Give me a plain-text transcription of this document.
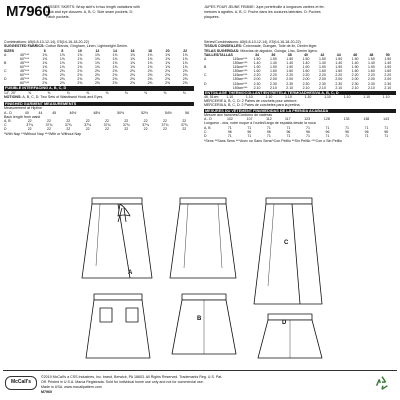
M7960
MISSES' SKIRTS: Wrap skirt's in two length variations with
hook and eye closures. A, B, C: Side seam pockets. D:
Patch pockets.
JUPES POUR JEUNE FEMME: Jupe portefeuille à longueurs variées et fer-
metures à agrafes. A, B, C: Poche dans les coutures latérales. D: Poches
plaquées.
Combinations: A5(6-8-10-12-14), E5(14-16-18-20-22)
SUGGESTED FABRICS: Cotton Blends, Gingham, Linen, Lightweight Denim.
SIZES		6	8	10	12	14	16	18	20	22
A	45"***	1⅝	1⅝	1⅝	1⅝	1⅝	1⅝	1⅝	1⅝	1⅝
	60"***	1⅝	1⅝	1⅝	1⅝	1⅝	1⅝	1⅝	1⅝	1⅝
B	45"***	1⅝	1⅝	1⅝	1⅝	1⅝	1⅝	1⅝	1⅝	1⅝
	60"***	1⅝	1⅝	1⅝	1⅝	1⅝	1⅝	1⅝	1⅝	1⅝
C	45"***	2⅜	2⅜	2⅜	2⅜	2⅜	2⅜	2⅜	2⅜	2⅜
	60"***	2⅜	2⅜	2⅜	2⅜	2⅜	2⅜	2⅜	2⅜	2⅜
D	45"***	2⅝	2⅝	2⅝	2⅝	2⅝	2⅝	2⅝	2⅝	2⅝
	60"***	2⅝	2⅝	2⅝	2⅝	2⅝	2⅝	2⅝	2⅝	2⅝
FUSIBLE INTERFACING A, B, C, D
14", 20"	⅜	⅜	⅜	⅜	⅜	⅜	⅜	⅜	⅜
NOTIONS: A, B, C, D: Two Sets of Waistband Hook and Eyes.
FINISHED GARMENT MEASUREMENTS
Measurement at Hipline
A - D	40	44	45	46½	48½	50½	52½	54½	56
Back length from waist
A, B	22	22	22	22	22	22	22	22	22
C	37¾	37¾	37¾	37¾	37¾	37¾	37¾	37¾	37¾
D	22	22	22	22	22	22	22	22	22
*With Nap **Without Nap ***With or Without Nap
Séries/Combinaisons: A5(6-8-10-12-14), E5(14-16-18-20-22)
TISSUS CONSEILLÉS: Cotonnade, Guingan, Toile de lin, Denim léger.
TELAS SUGERIDAS: Mezclas de algodón, Guinga, Lino, Denim ligero.
TAILLES/TALLAS		34	36	38	40	42	44	46	48	50
A	115cm***	1.50	1.50	1.50	1.50	1.50	1.50	1.50	1.50	1.50
	150cm***	1.40	1.40	1.40	1.40	1.40	1.40	1.40	1.40	1.40
B	115cm***	1.90	1.90	1.90	1.90	1.90	1.90	1.90	1.90	1.90
	150cm***	1.60	1.60	1.60	1.60	1.60	1.60	1.60	1.60	1.60
C	115cm***	2.20	2.20	2.20	2.20	2.20	2.20	2.20	2.20	2.20
	150cm***	2.00	2.00	2.00	2.00	2.00	2.00	2.00	2.00	2.00
D	115cm***	2.30	2.30	2.30	2.30	2.30	2.30	2.30	2.30	2.30
	150cm***	2.10	2.10	2.10	2.10	2.10	2.10	2.10	2.10	2.10
ENTOILAGE THERMOCOLLANT/ENTRETELA TERMOADHESIVA A, B, C, D
46, 51cm	1.10	1.10	1.10	1.10	1.10	1.10	1.10	1.10	1.10
MERCERIE A, B, C, D: 2 Paires de crochets pour ceinture.
MERCERÍA A, B, C, D: 2 Pares de corchetes para la pretina.
MESURES DU VÊTEMENT FINI/MEDIDAS DE LA PRENDA ACABADA
Mesure aux hanches/Contorno de caderas
A - D	102	107	112	117	123	128	133	138	143
Longueur - dos, votre nuque à l'ourlet/Largo de espalda desde la nuca
A, B	71	71	71	71	71	71	71	71	71
C	96	96	96	96	96	96	96	96	96
D	71	71	71	71	71	71	71	71	71
*Sens **Sans Sens ***Avec ou Sans Sens/*Con Pelillo **Sin Pelillo ***Con o Sin Pelillo
A
B
C
D
McCall's
©2019 McCall's a CSS Industries, Inc. brand, Berwick, PA 18603. All Rights Reserved. Trademarks Reg. U.S. Pat.
Off. Printed in U.S.A. Marca Registrada. Sold for individual home use only and not for commercial use.
Made in USA. www.mccallpattern.com
M7960
